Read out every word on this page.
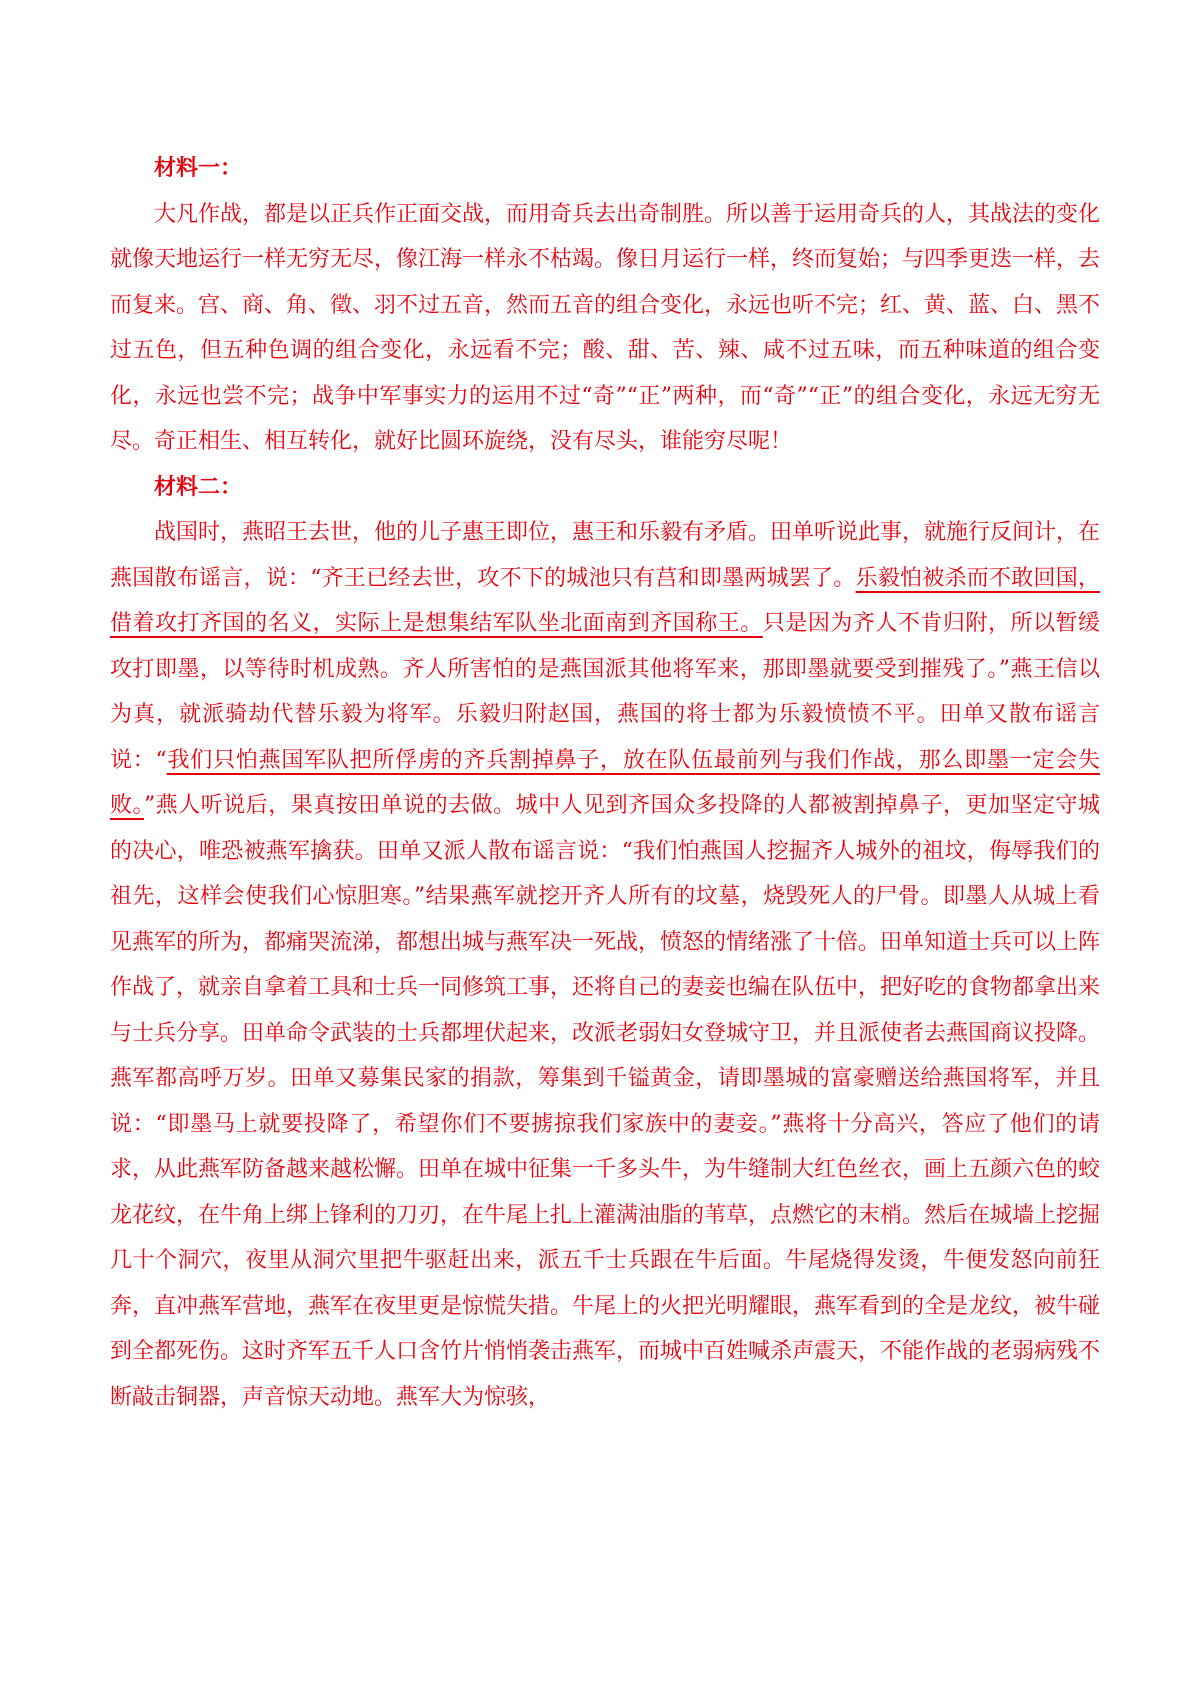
材料一：

大凡作战，都是以正兵作正面交战，而用奇兵去出奇制胜。所以善于运用奇兵的人，其战法的变化就像天地运行一样无穷无尽，像江海一样永不枯竭。像日月运行一样，终而复始；与四季更迭一样，去而复来。宫、商、角、徵、羽不过五音，然而五音的组合变化，永远也听不完；红、黄、蓝、白、黑不过五色，但五种色调的组合变化，永远看不完；酸、甜、苦、辣、咸不过五味，而五种味道的组合变化，永远也尝不完；战争中军事实力的运用不过“奇”“正”两种，而“奇”“正”的组合变化，永远无穷无尽。奇正相生、相互转化，就好比圆环旋绕，没有尽头，谁能穷尽呢！

材料二：

战国时，燕昭王去世，他的儿子惠王即位，惠王和乐毅有矛盾。田单听说此事，就施行反间计，在燕国散布谣言，说：“齐王已经去世，攻不下的城池只有莒和即墨两城罢了。乐毅怕被杀而不敢回国，借着攻打齐国的名义，实际上是想集结军队坐北面南到齐国称王。只是因为齐人不肯归附，所以暂缓攻打即墨，以等待时机成熟。齐人所害怕的是燕国派其他将军来，那即墨就要受到摧残了。”燕王信以为真，就派骑劫代替乐毅为将军。乐毅归附赵国，燕国的将士都为乐毅愤愤不平。田单又散布谣言说：“我们只怕燕国军队把所俘虏的齐兵割掉鼻子，放在队伍最前列与我们作战，那么即墨一定会失败。”燕人听说后，果真按田单说的去做。城中人见到齐国众多投降的人都被割掉鼻子，更加坚定守城的决心，唯恐被燕军擒获。田单又派人散布谣言说：“我们怕燕国人挖掘齐人城外的祖坟，侮辱我们的祖先，这样会使我们心惊胆寒。”结果燕军就挖开齐人所有的坟墓，烧毁死人的尸骨。即墨人从城上看见燕军的所为，都痛哭流涕，都想出城与燕军决一死战，愤怒的情绪涨了十倍。田单知道士兵可以上阵作战了，就亲自拿着工具和士兵一同修筑工事，还将自己的妻妾也编在队伍中，把好吃的食物都拿出来与士兵分享。田单命令武装的士兵都埋伏起来，改派老弱妇女登城守卫，并且派使者去燕国商议投降。燕军都高呼万岁。田单又募集民家的捐款，筹集到千镒黄金，请即墨城的富豪赠送给燕国将军，并且说：“即墨马上就要投降了，希望你们不要掳掠我们家族中的妻妾。”燕将十分高兴，答应了他们的请求，从此燕军防备越来越松懈。田单在城中征集一千多头牛，为牛缝制大红色丝衣，画上五颜六色的蛟龙花纹，在牛角上绑上锋利的刀刃，在牛尾上扎上灌满油脂的苇草，点燃它的末梢。然后在城墙上挖掘几十个洞穴，夜里从洞穴里把牛驱赶出来，派五千士兵跟在牛后面。牛尾烧得发烫，牛便发怒向前狂奔，直冲燕军营地，燕军在夜里更是惊慌失措。牛尾上的火把光明耀眼，燕军看到的全是龙纹，被牛碰到全都死伤。这时齐军五千人口含竹片悄悄袭击燕军，而城中百姓喊杀声震天，不能作战的老弱病残不断敲击铜器，声音惊天动地。燕军大为惊骇，
